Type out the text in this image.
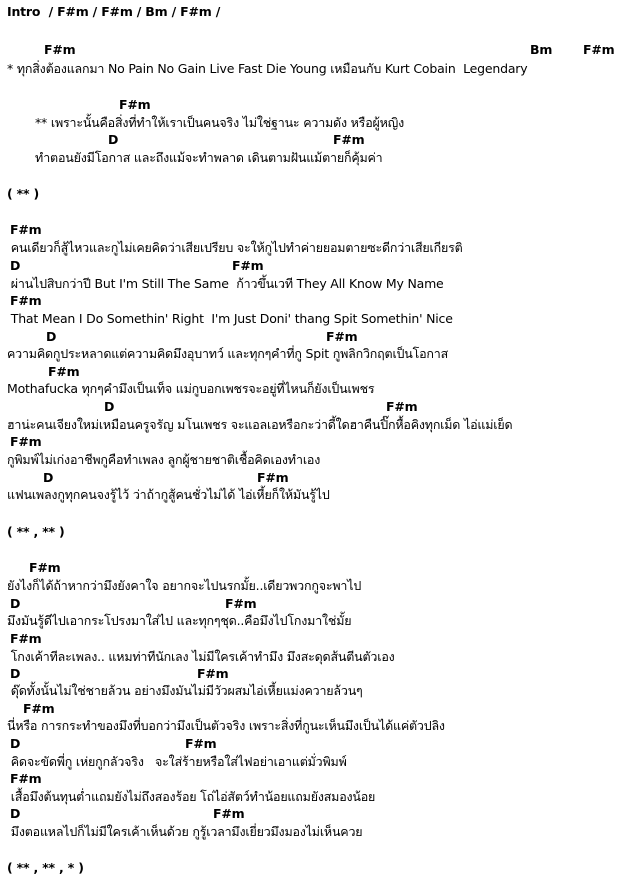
Intro  / F#m / F#m / Bm / F#m /
F#m	Bm F#m
* ทุกสิ่งต้องแลกมา No Pain No Gain Live Fast Die Young เหมือนกับ Kurt Cobain  Legendary
F#m
** เพราะนั้นคือสิ่งที่ทำให้เราเป็นคนจริง ไม่ใช่ฐานะ ความดัง หรือผู้หญิง
D	F#m
ทำตอนยังมีโอกาส และถึงแม้จะทำพลาด เดินตามฝันแม้ตายก็คุ้มค่า
( ** )
F#m
คนเดียวก็สู้ไหวและกูไม่เคยคิดว่าเสียเปรียบ จะให้กูไปทำค่ายยอมตายซะดีกว่าเสียเกียรติ
D	F#m
ผ่านไปสิบกว่าปี But I'm Still The Same  ก้าวขึ้นเวที They All Know My Name
F#m
That Mean I Do Somethin' Right  I'm Just Doni' thang Spit Somethin' Nice
D	F#m
ความคิดกูประหลาดแต่ความคิดมึงอุบาทว์ และทุกๆคำที่กู Spit กูพลิกวิกฤตเป็นโอกาส
F#m
Mothafucka ทุกๆคำมึงเป็นเท็จ แม่กูบอกเพชรจะอยู่ที่ไหนก็ยังเป็นเพชร
D	F#m
ฮาน่ะคนเจียงใหม่เหมือนครูจรัญ มโนเพชร จะแอลเอหรือกะว่าดี้ใดฮาคืนปิ๊กหื้อคิงทุกเม็ด ไอ่แม่เย็ด
F#m
กูพิมพ์ไม่เก่งอาชีพกูคือทำเพลง ลูกผู้ชายชาติเชื้อคิดเองทำเอง
D	F#m
แฟนเพลงกูทุกคนจงรู้ไว้ ว่าถ้ากูสู้คนชั่วไม่ได้ ไอ่เหี้ยก็ให้มันรู้ไป
( ** , ** )
F#m
ยังไงก็ได้ถ้าหากว่ามึงยังคาใจ อยากจะไปนรกมั้ย..เดียวพวกกูจะพาไป
D	F#m
มึงมันรู้ดีไปเอากระโปรงมาใส่ไป และทุกๆชุด..คือมึงไปโกงมาใช่มั้ย
F#m
โกงเค้าทีละเพลง.. แหมท่าทีนักเลง ไม่มีใครเค้าทำมึง มึงสะดุดส้นตีนตัวเอง
D	F#m
ดุ๊ดทั้งนั้นไม่ใช่ชายล้วน อย่างมึงมันไม่มีวัวผสมไอ่เหี้ยแม่งควายล้วนๆ
F#m
นี่หรือ การกระทำของมึงที่บอกว่ามึงเป็นตัวจริง เพราะสิ่งที่กูนะเห็นมึงเป็นได้แค่ตัวปลิง
D	F#m
คิดจะขัดพี่กู เห่ยกูกลัวจริง   จะใส่ร้ายหรือใส่ไฟอย่าเอาแต่มั่วพิมพ์
F#m
เสื้อมึงต้นทุนต่ำแถมยังไม่ถึงสองร้อย โถ่ไอ่สัตว์ทำน้อยแถมยังสมองน้อย
D	F#m
มึงตอแหลไปก็ไม่มีใครเค้าเห็นด้วย กูรู้เวลามึงเยี่ยวมึงมองไม่เห็นควย
( ** , ** , * )
